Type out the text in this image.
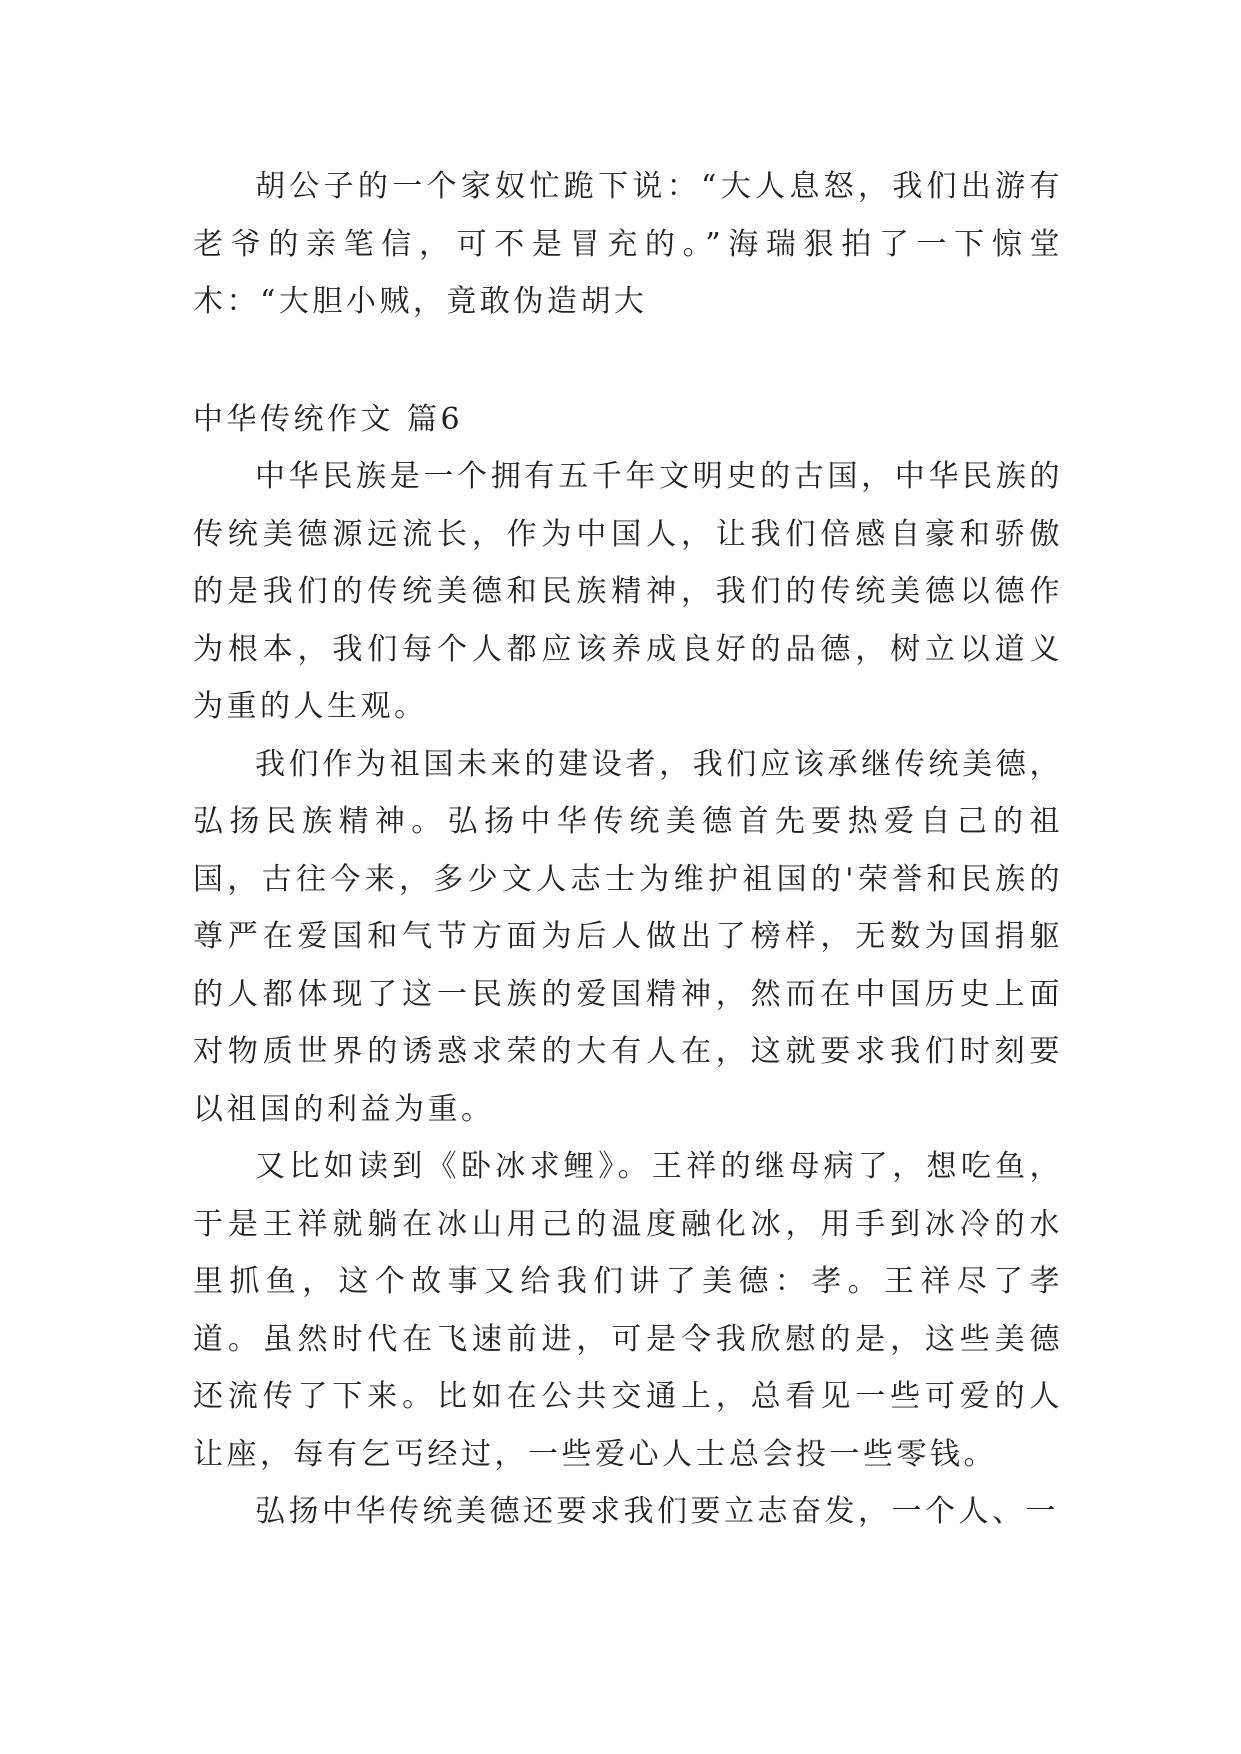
胡公子的一个家奴忙跪下说：“大人息怒，我们出游有老爷的亲笔信，可不是冒充的。”海瑞狠拍了一下惊堂木：“大胆小贼，竟敢伪造胡大

中华传统作文 篇6

中华民族是一个拥有五千年文明史的古国，中华民族的传统美德源远流长，作为中国人，让我们倍感自豪和骄傲的是我们的传统美德和民族精神，我们的传统美德以德作为根本，我们每个人都应该养成良好的品德，树立以道义为重的人生观。

我们作为祖国未来的建设者，我们应该承继传统美德，弘扬民族精神。弘扬中华传统美德首先要热爱自己的祖国，古往今来，多少文人志士为维护祖国的'荣誉和民族的尊严在爱国和气节方面为后人做出了榜样，无数为国捐躯的人都体现了这一民族的爱国精神，然而在中国历史上面对物质世界的诱惑求荣的大有人在，这就要求我们时刻要以祖国的利益为重。

又比如读到《卧冰求鲤》。王祥的继母病了，想吃鱼，于是王祥就躺在冰山用己的温度融化冰，用手到冰冷的水里抓鱼，这个故事又给我们讲了美德：孝。王祥尽了孝道。虽然时代在飞速前进，可是令我欣慰的是，这些美德还流传了下来。比如在公共交通上，总看见一些可爱的人让座，每有乞丐经过，一些爱心人士总会投一些零钱。

弘扬中华传统美德还要求我们要立志奋发，一个人、一
